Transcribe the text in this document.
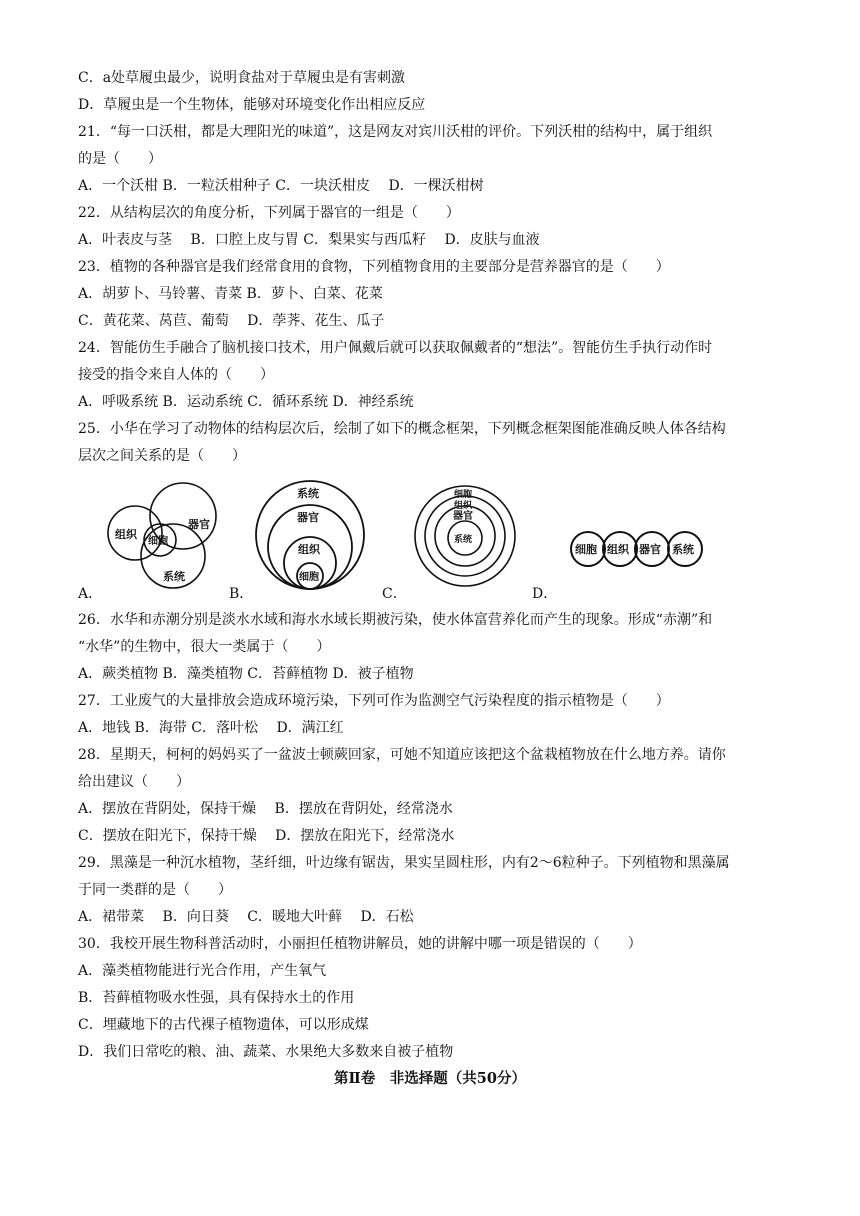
C．a处草履虫最少，说明食盐对于草履虫是有害刺激
D．草履虫是一个生物体，能够对环境变化作出相应反应
21．“每一口沃柑，都是大理阳光的味道”，这是网友对宾川沃柑的评价。下列沃柑的结构中，属于组织
的是（　　）
A．一个沃柑 B．一粒沃柑种子 C．一块沃柑皮　 D．一棵沃柑树
22．从结构层次的角度分析，下列属于器官的一组是（　　）
A．叶表皮与茎　 B．口腔上皮与胃 C．梨果实与西瓜籽　 D．皮肤与血液
23．植物的各种器官是我们经常食用的食物，下列植物食用的主要部分是营养器官的是（　　）
A．胡萝卜、马铃薯、青菜 B．萝卜、白菜、花菜
C．黄花菜、莴苣、葡萄　 D．荸荠、花生、瓜子
24．智能仿生手融合了脑机接口技术，用户佩戴后就可以获取佩戴者的“想法”。智能仿生手执行动作时
接受的指令来自人体的（　　）
A．呼吸系统 B．运动系统 C．循环系统 D．神经系统
25．小华在学习了动物体的结构层次后，绘制了如下的概念框架，下列概念框架图能准确反映人体各结构
层次之间关系的是（　　）
组织
器官
细胞
系统
A．
系统
器官
组织
细胞
B．
细胞
组织
器官
系统
C．
细胞 组织 器官 系统
D．
26．水华和赤潮分别是淡水水域和海水水域长期被污染，使水体富营养化而产生的现象。形成“赤潮”和
“水华”的生物中，很大一类属于（　　）
A．蕨类植物 B．藻类植物 C．苔藓植物 D．被子植物
27．工业废气的大量排放会造成环境污染，下列可作为监测空气污染程度的指示植物是（　　）
A．地钱 B．海带 C．落叶松　 D．满江红
28．星期天，柯柯的妈妈买了一盆波士顿蕨回家，可她不知道应该把这个盆栽植物放在什么地方养。请你
给出建议（　　）
A．摆放在背阴处，保持干燥　 B．摆放在背阴处，经常浇水
C．摆放在阳光下，保持干燥　 D．摆放在阳光下，经常浇水
29．黑藻是一种沉水植物，茎纤细，叶边缘有锯齿，果实呈圆柱形，内有2～6粒种子。下列植物和黑藻属
于同一类群的是（　　）
A．裙带菜　 B．向日葵　 C．暖地大叶藓　 D．石松
30．我校开展生物科普活动时，小丽担任植物讲解员，她的讲解中哪一项是错误的（　　）
A．藻类植物能进行光合作用，产生氧气
B．苔藓植物吸水性强，具有保持水土的作用
C．埋藏地下的古代裸子植物遗体，可以形成煤
D．我们日常吃的粮、油、蔬菜、水果绝大多数来自被子植物
第Ⅱ卷　非选择题（共50分）
